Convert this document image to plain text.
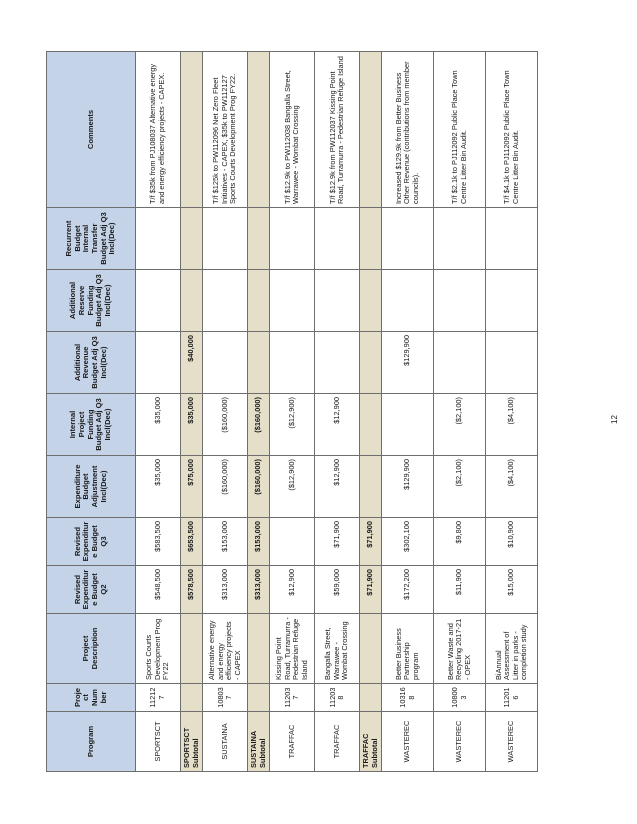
Program	Project Number	Project Description	Revised Expenditure Budget Q2	Revised Expenditure Budget Q3	Expenditure Budget Adjustment Incl(Dec)	Internal Project Funding Budget Adj Q3 Incl(Dec)	Additional Revenue Budget Adj Q3 Incl(Dec)	Additional Reserve Funding Budget Adj Q3 Incl(Dec)	Recurrent Budget Internal Transfer Budget Adj Q3 Incl(Dec)	Comments
SPORTSCT	112127	Sports Courts Development Prog FY22	$548,500	$583,500	$35,000	$35,000				T/f $35k from PJ108037 Alternative energy and energy efficiency projects - CAPEX.
SPORTSCT Subtotal			$578,500	$653,500	$75,000	$35,000	$40,000			
SUSTAINA	108037	Alternative energy and energy efficiency projects - CAPEX	$313,000	$153,000	($160,000)	($160,000)				T/f $125k to PW112096 Net Zero Fleet Initiatives - CAPEX, $35k to PW112127 Sports Courts Development Prog FY22.
SUSTAINA Subtotal			$313,000	$153,000	($160,000)	($160,000)				
TRAFFAC	112037	Kissing Point Road, Turramurra - Pedestrian Refuge Island	$12,900		($12,900)	($12,900)				T/f $12.9k to PW112038 Bangalla Street, Warrawee - Wombat Crossing
TRAFFAC	112038	Bangalla Street, Warrawee - Wombat Crossing	$59,000	$71,900	$12,900	$12,900				T/f $12.9k from PW112037 Kissing Point Road, Turramurra - Pedestrian Refuge Island
TRAFFAC Subtotal			$71,900	$71,900						
WASTEREC	103168	Better Business Partnership program	$172,200	$302,100	$129,900		$129,900			Increased $129.9k from Better Business Other Revenue (contributions from member councils).
WASTEREC	108003	Better Waste and Recycling 2017-21 - OPEX	$11,900	$9,800	($2,100)	($2,100)				T/f $2.1k to PJ112092 Public Place Town Centre Litter Bin Audit.
WASTEREC	112016	BiAnnual Assessment of Litter in parks - completion study	$15,000	$10,900	($4,100)	($4,100)				T/f $4.1k to PJ112092 Public Place Town Centre Litter Bin Audit.
12
